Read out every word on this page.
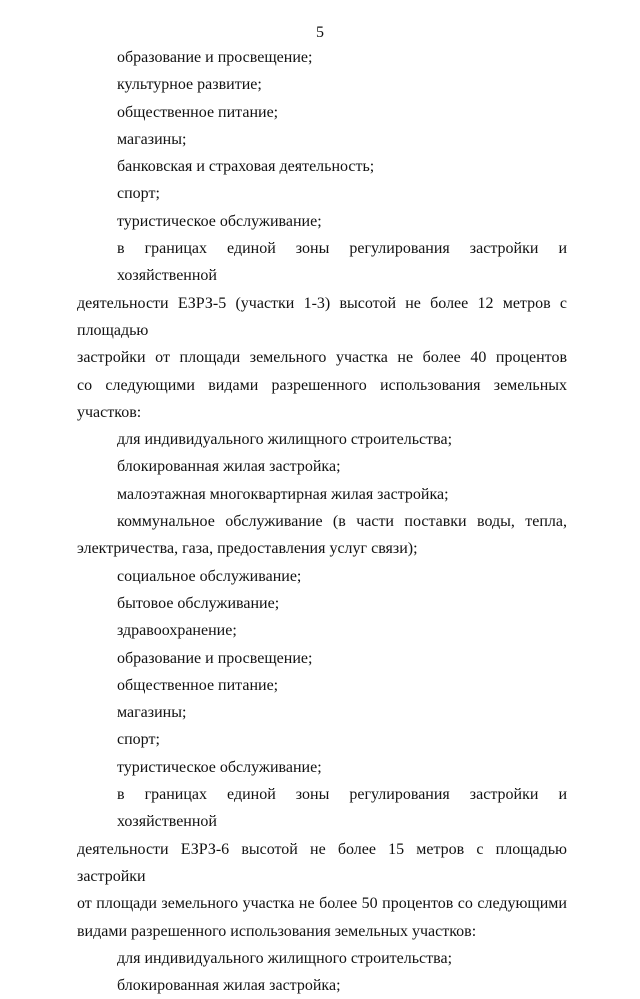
5

образование и просвещение;

культурное развитие;

общественное питание;

магазины;

банковская и страховая деятельность;

спорт;

туристическое обслуживание;

в границах единой зоны регулирования застройки и хозяйственной

деятельности ЕЗРЗ-5 (участки 1-3) высотой не более 12 метров с площадью

застройки от площади земельного участка не более 40 процентов

со следующими видами разрешенного использования земельных участков:

для индивидуального жилищного строительства;

блокированная жилая застройка;

малоэтажная многоквартирная жилая застройка;

коммунальное обслуживание (в части поставки воды, тепла,

электричества, газа, предоставления услуг связи);

социальное обслуживание;

бытовое обслуживание;

здравоохранение;

образование и просвещение;

общественное питание;

магазины;

спорт;

туристическое обслуживание;

в границах единой зоны регулирования застройки и хозяйственной

деятельности ЕЗРЗ-6 высотой не более 15 метров с площадью застройки

от площади земельного участка не более 50 процентов со следующими

видами разрешенного использования земельных участков:

для индивидуального жилищного строительства;

блокированная жилая застройка;
